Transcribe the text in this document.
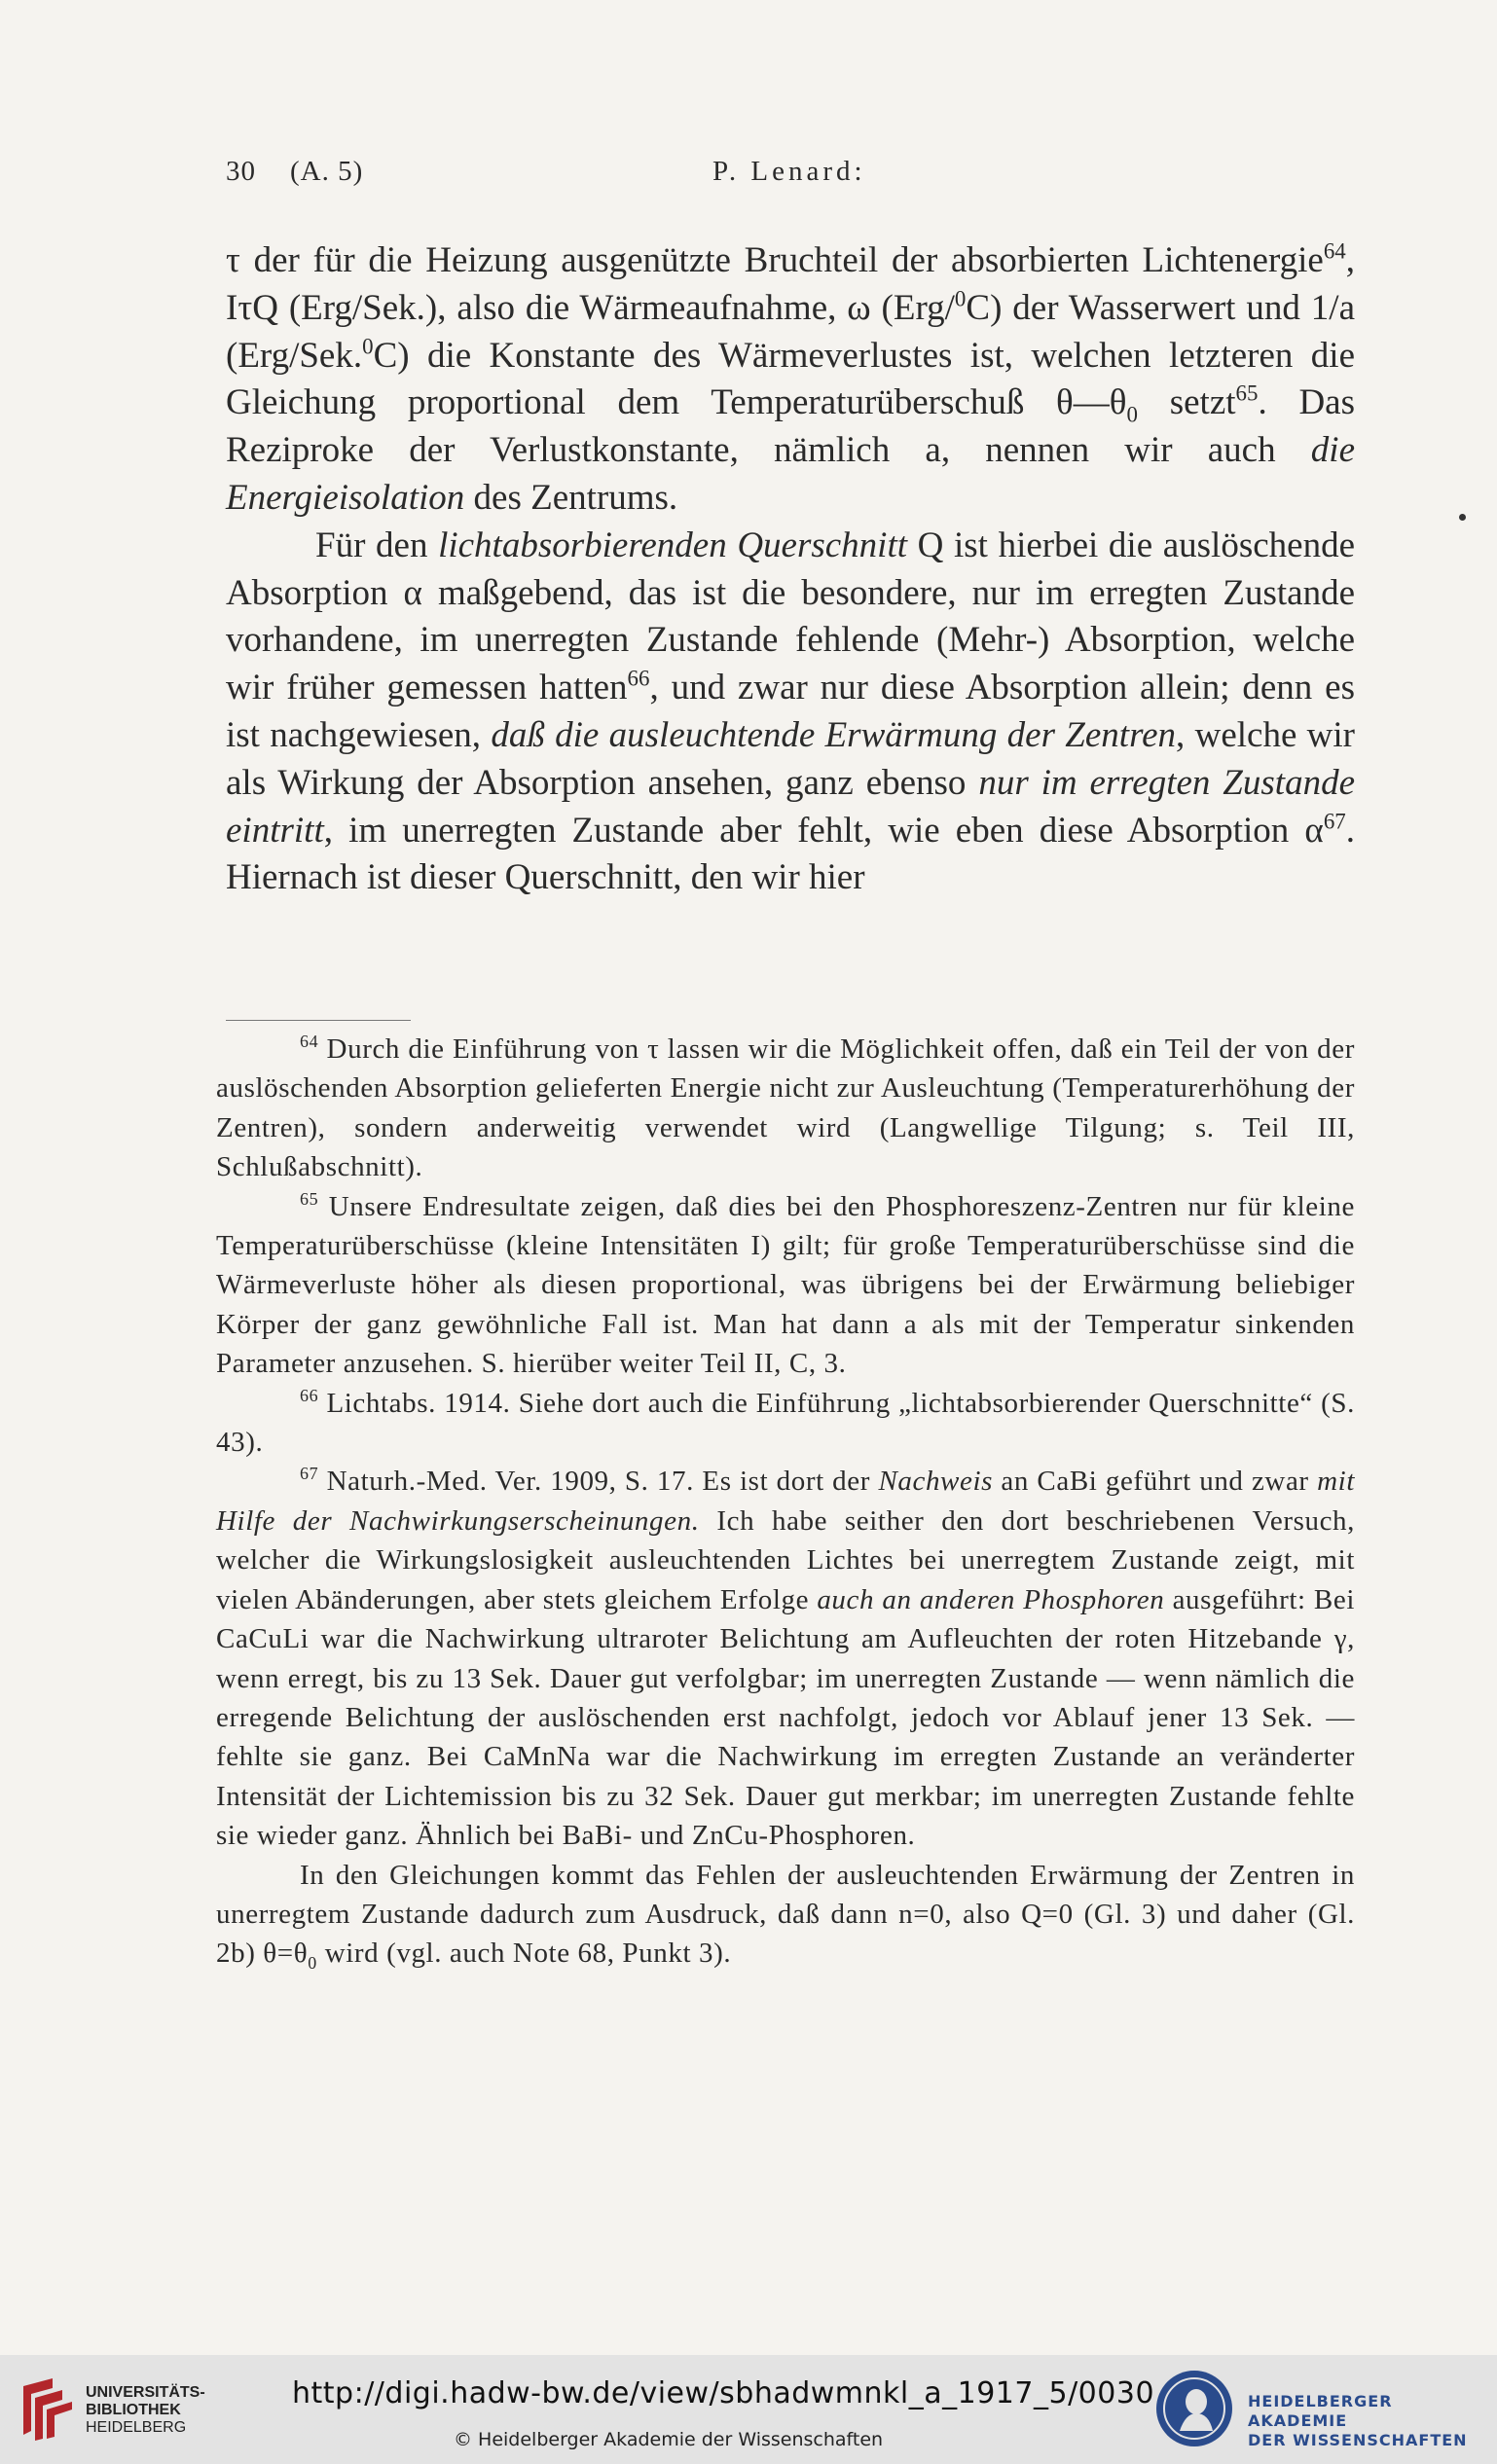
30 (A. 5)	P. Lenard:

τ der für die Heizung ausgenützte Bruchteil der absorbierten Lichtenergie$^{64}$, IτQ (Erg/Sek.), also die Wärmeaufnahme, ω (Erg/$^0$C) der Wasserwert und 1/a (Erg/Sek.$^0$C) die Konstante des Wärmeverlustes ist, welchen letzteren die Gleichung proportional dem Temperaturüberschuß $\theta—\theta_0$ setzt$^{65}$. Das Reziproke der Verlustkonstante, nämlich a, nennen wir auch die Energieisolation des Zentrums.

Für den lichtabsorbierenden Querschnitt Q ist hierbei die auslöschende Absorption α maßgebend, das ist die besondere, nur im erregten Zustande vorhandene, im unerregten Zustande fehlende (Mehr-) Absorption, welche wir früher gemessen hatten$^{66}$, und zwar nur diese Absorption allein; denn es ist nachgewiesen, daß die ausleuchtende Erwärmung der Zentren, welche wir als Wirkung der Absorption ansehen, ganz ebenso nur im erregten Zustande eintritt, im unerregten Zustande aber fehlt, wie eben diese Absorption $\alpha^{67}$. Hiernach ist dieser Querschnitt, den wir hier

$^{64}$ Durch die Einführung von τ lassen wir die Möglichkeit offen, daß ein Teil der von der auslöschenden Absorption gelieferten Energie nicht zur Ausleuchtung (Temperaturerhöhung der Zentren), sondern anderweitig verwendet wird (Langwellige Tilgung; s. Teil III, Schlußabschnitt).

$^{65}$ Unsere Endresultate zeigen, daß dies bei den Phosphoreszenz-Zentren nur für kleine Temperaturüberschüsse (kleine Intensitäten I) gilt; für große Temperaturüberschüsse sind die Wärmeverluste höher als diesen proportional, was übrigens bei der Erwärmung beliebiger Körper der ganz gewöhnliche Fall ist. Man hat dann a als mit der Temperatur sinkenden Parameter anzusehen. S. hierüber weiter Teil II, C, 3.

$^{66}$ Lichtabs. 1914. Siehe dort auch die Einführung „lichtabsorbierender Querschnitte“ (S. 43).

$^{67}$ Naturh.-Med. Ver. 1909, S. 17. Es ist dort der Nachweis an CaBi geführt und zwar mit Hilfe der Nachwirkungserscheinungen. Ich habe seither den dort beschriebenen Versuch, welcher die Wirkungslosigkeit ausleuchtenden Lichtes bei unerregtem Zustande zeigt, mit vielen Abänderungen, aber stets gleichem Erfolge auch an anderen Phosphoren ausgeführt: Bei CaCuLi war die Nachwirkung ultraroter Belichtung am Aufleuchten der roten Hitzebande γ, wenn erregt, bis zu 13 Sek. Dauer gut verfolgbar; im unerregten Zustande — wenn nämlich die erregende Belichtung der auslöschenden erst nachfolgt, jedoch vor Ablauf jener 13 Sek. — fehlte sie ganz. Bei CaMnNa war die Nachwirkung im erregten Zustande an veränderter Intensität der Lichtemission bis zu 32 Sek. Dauer gut merkbar; im unerregten Zustande fehlte sie wieder ganz. Ähnlich bei BaBi- und ZnCu-Phosphoren.

In den Gleichungen kommt das Fehlen der ausleuchtenden Erwärmung der Zentren in unerregtem Zustande dadurch zum Ausdruck, daß dann n=0, also Q=0 (Gl. 3) und daher (Gl. 2b) $\theta=\theta_0$ wird (vgl. auch Note 68, Punkt 3).

UNIVERSITÄTS-
BIBLIOTHEK
HEIDELBERG
http://digi.hadw-bw.de/view/sbhadwmnkl_a_1917_5/0030
© Heidelberger Akademie der Wissenschaften
HEIDELBERGER AKADEMIE
DER WISSENSCHAFTEN
